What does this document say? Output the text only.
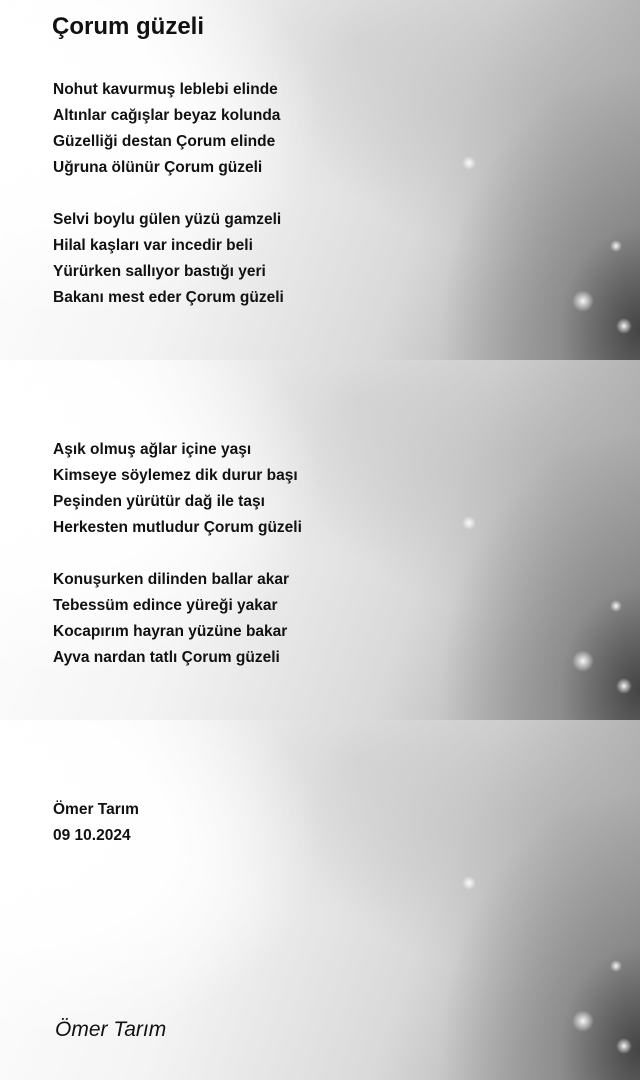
Çorum güzeli
Nohut kavurmuş leblebi elinde
Altınlar cağışlar beyaz kolunda
Güzelliği destan Çorum elinde
Uğruna ölünür Çorum güzeli
Selvi boylu gülen yüzü gamzeli
Hilal kaşları var incedir beli
Yürürken sallıyor bastığı yeri
Bakanı mest eder Çorum güzeli
Aşık olmuş ağlar içine yaşı
Kimseye söylemez dik durur başı
Peşinden yürütür dağ ile taşı
Herkesten mutludur Çorum güzeli
Konuşurken dilinden ballar akar
Tebessüm edince yüreği yakar
Kocapırım hayran yüzüne bakar
Ayva nardan tatlı Çorum güzeli
Ömer Tarım
09 10.2024
Ömer Tarım
